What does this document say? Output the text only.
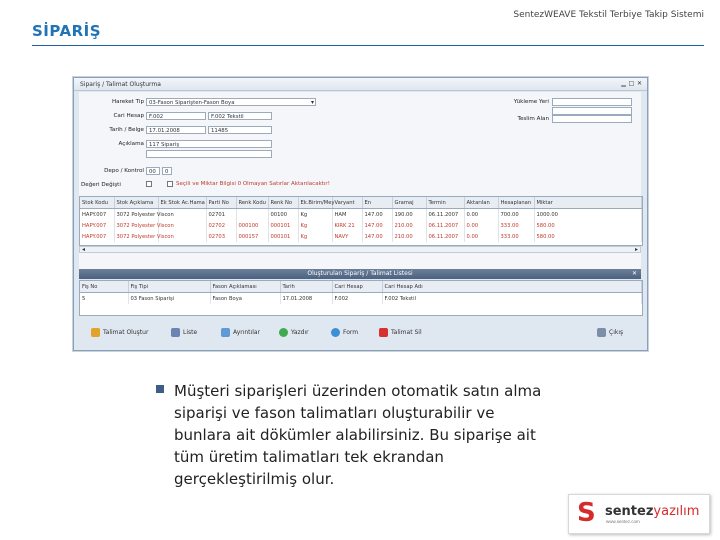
SentezWEAVE Tekstil Terbiye Takip Sistemi
SİPARİŞ
Sipariş / Talimat Oluşturma	▁ □ ✕
Hareket Tip 03-Fason Siparişten-Fason Boya ▾
Cari Hesap F.002	F.002 Tekstil
Tarih / Belge 17.01.2008	11485
Açıklama 117 Sipariş
Depo / Kontrol 00	0
Değeri Değişti	Seçili ve Miktar Bilgisi 0 Olmayan Satırlar Aktarılacaktır!
Yükleme Yeri
Teslim Alan
Stok Kodu	Stok Açıklama	Ek Stok Ac.Hama	Parti No	Renk Kodu	Renk No	Ek.Birim/Mey	Varyant	En	Gramaj	Termin	Aktarılan	Hesaplanan	Miktar
HAPY.007	3072 Polyester Viscon		02701		00100	Kg	HAM	147.00	190.00	06.11.2007	0.00	700.00	1000.00
HAPY.007	3072 Polyester Viscon		02702	000100	000101	Kg	KIRK 21	147.00	210.00	06.11.2007	0.00	333.00	580.00
HAPY.007	3072 Polyester Viscon		02703	000157	000101	Kg	NAVY	147.00	210.00	06.11.2007	0.00	333.00	580.00
◂ ▸
Oluşturulan Sipariş / Talimat Listesi	✕
Fiş No	Fiş Tipi	Fason Açıklaması	Tarih	Cari Hesap	Cari Hesap Adı
5	03 Fason Siparişi	Fason Boya	17.01.2008	F.002	F.002 Tekstil
Talimat Oluştur	Liste	Ayrıntılar	Yazdır	Form	Talimat Sil	Çıkış
Müşteri siparişleri üzerinden otomatik satın alma siparişi ve fason talimatları oluşturabilir ve bunlara ait dökümler alabilirsiniz. Bu siparişe ait tüm üretim talimatları tek ekrandan gerçekleştirilmiş olur.
S sentezyazılım
www.sentez.com
